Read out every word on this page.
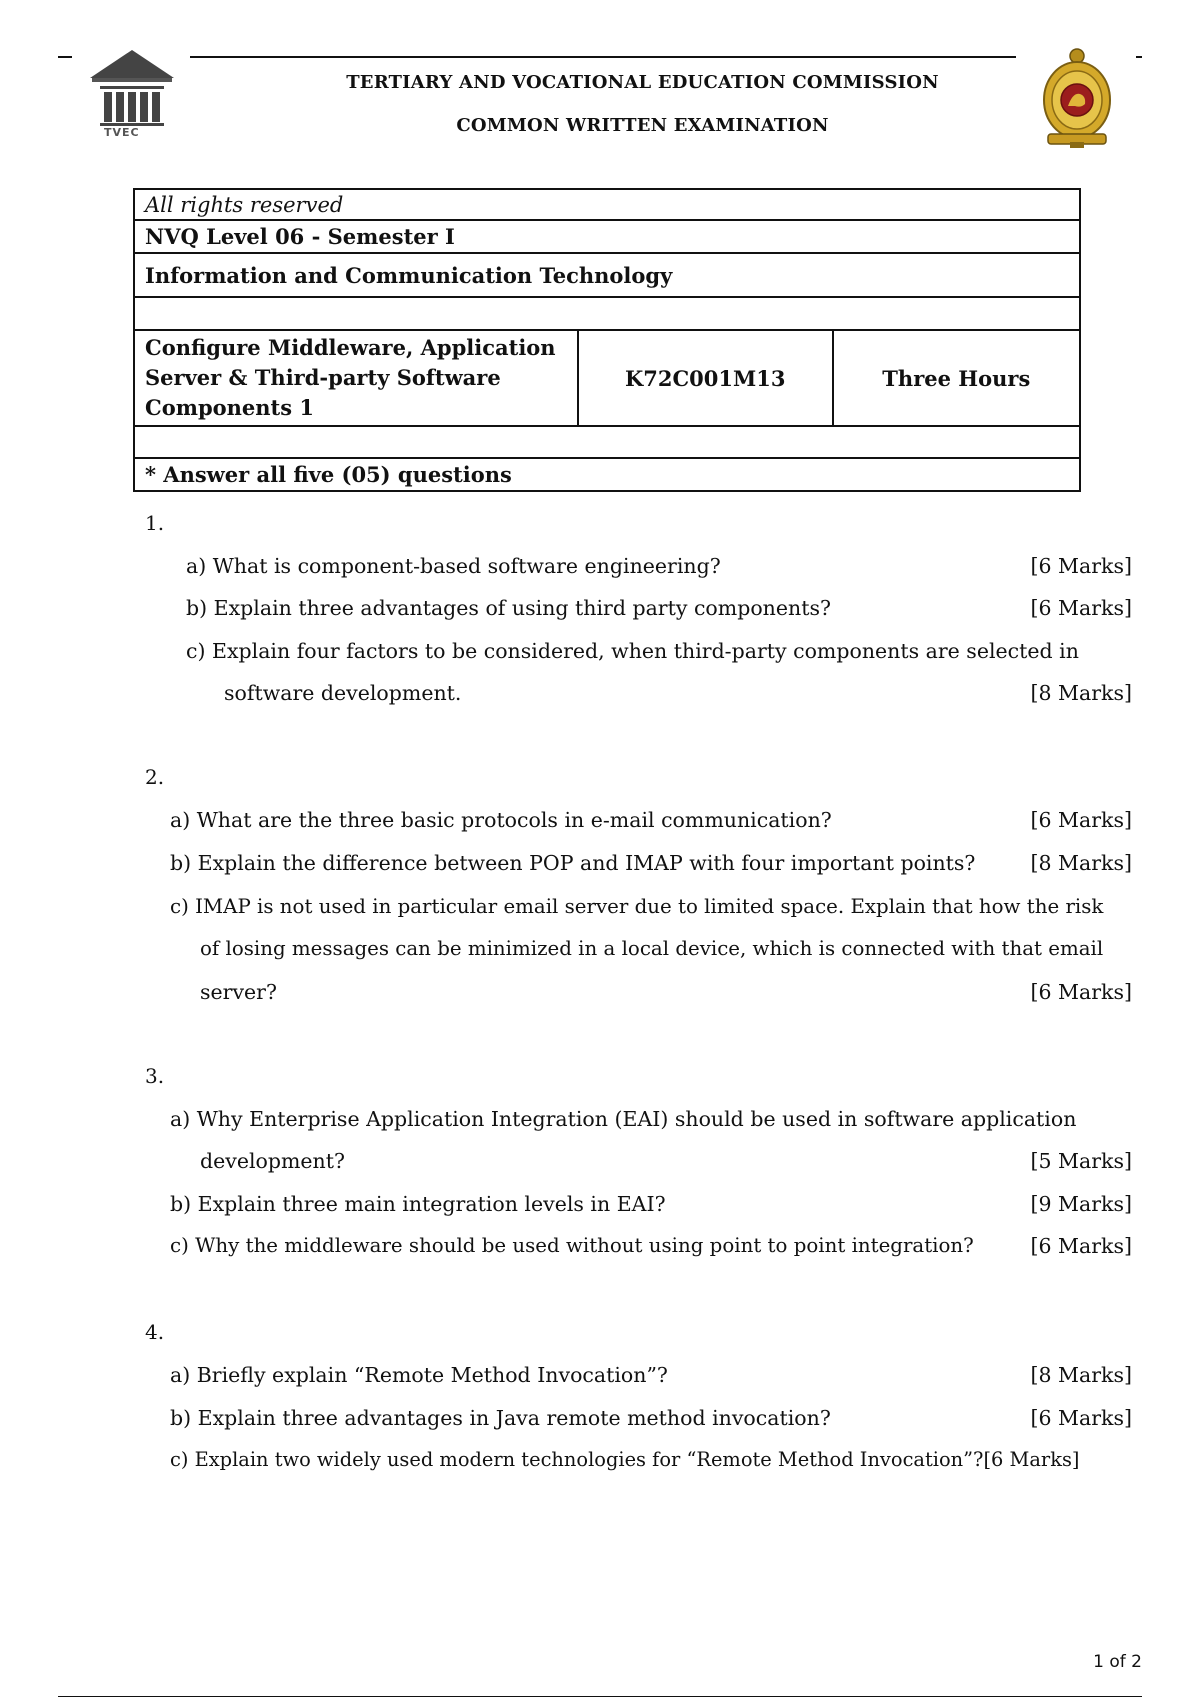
TVEC
TERTIARY AND VOCATIONAL EDUCATION COMMISSION
COMMON WRITTEN EXAMINATION
All rights reserved
NVQ Level 06 - Semester I
Information and Communication Technology

Configure Middleware, Application
Server & Third-party Software
Components 1
	K72C001M13	Three Hours

* Answer all five (05) questions
1.
a) What is component-based software engineering?	[6 Marks]
b) Explain three advantages of using third party components?	[6 Marks]
c) Explain four factors to be considered, when third-party components are selected in
software development.	[8 Marks]
2.
a) What are the three basic protocols in e-mail communication?	[6 Marks]
b) Explain the difference between POP and IMAP with four important points?	[8 Marks]
c) IMAP is not used in particular email server due to limited space. Explain that how the risk
of losing messages can be minimized in a local device, which is connected with that email
server?	[6 Marks]
3.
a) Why Enterprise Application Integration (EAI) should be used in software application
development?	[5 Marks]
b) Explain three main integration levels in EAI?	[9 Marks]
c) Why the middleware should be used without using point to point integration?	[6 Marks]
4.
a) Briefly explain “Remote Method Invocation”?	[8 Marks]
b) Explain three advantages in Java remote method invocation?	[6 Marks]
c) Explain two widely used modern technologies for “Remote Method Invocation”?[6 Marks]
1 of 2
